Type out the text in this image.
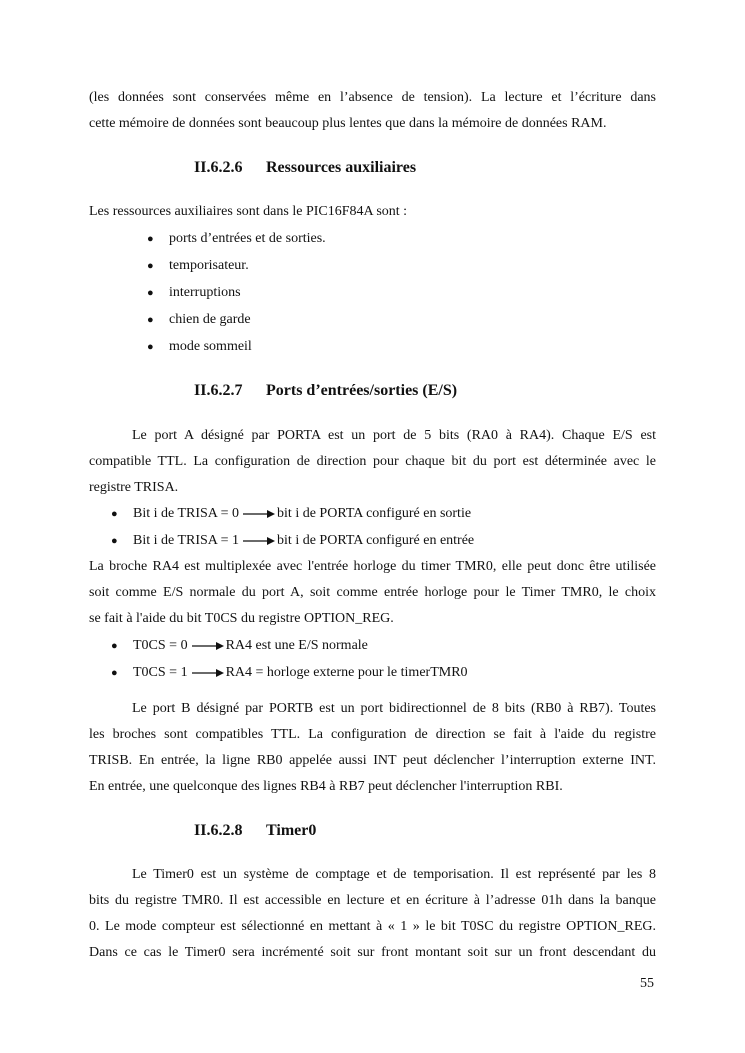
(les données sont conservées même en l’absence de tension). La lecture et l’écriture dans
cette mémoire de données sont beaucoup plus lentes que dans la mémoire de données RAM.
II.6.2.6 Ressources auxiliaires
Les ressources auxiliaires sont dans le PIC16F84A sont :
● ports d’entrées et de sorties.
● temporisateur.
● interruptions
● chien de garde
● mode sommeil
II.6.2.7 Ports d’entrées/sorties (E/S)
Le port A désigné par PORTA est un port de 5 bits (RA0 à RA4). Chaque E/S est
compatible TTL. La configuration de direction pour chaque bit du port est déterminée avec le
registre TRISA.
● Bit i de TRISA = 0	bit i de PORTA configuré en sortie
● Bit i de TRISA = 1	bit i de PORTA configuré en entrée
La broche RA4 est multiplexée avec l'entrée horloge du timer TMR0, elle peut donc être utilisée
soit comme E/S normale du port A, soit comme entrée horloge pour le Timer TMR0, le choix
se fait à l'aide du bit T0CS du registre OPTION_REG.
● T0CS = 0	RA4 est une E/S normale
● T0CS = 1	RA4 = horloge externe pour le timerTMR0
Le port B désigné par PORTB est un port bidirectionnel de 8 bits (RB0 à RB7). Toutes
les broches sont compatibles TTL. La configuration de direction se fait à l'aide du registre
TRISB. En entrée, la ligne RB0 appelée aussi INT peut déclencher l’interruption externe INT.
En entrée, une quelconque des lignes RB4 à RB7 peut déclencher l'interruption RBI.
II.6.2.8 Timer0
Le Timer0 est un système de comptage et de temporisation. Il est représenté par les 8
bits du registre TMR0. Il est accessible en lecture et en écriture à l’adresse 01h dans la banque
0. Le mode compteur est sélectionné en mettant à « 1 » le bit T0SC du registre OPTION_REG.
Dans ce cas le Timer0 sera incrémenté soit sur front montant soit sur un front descendant du
55
